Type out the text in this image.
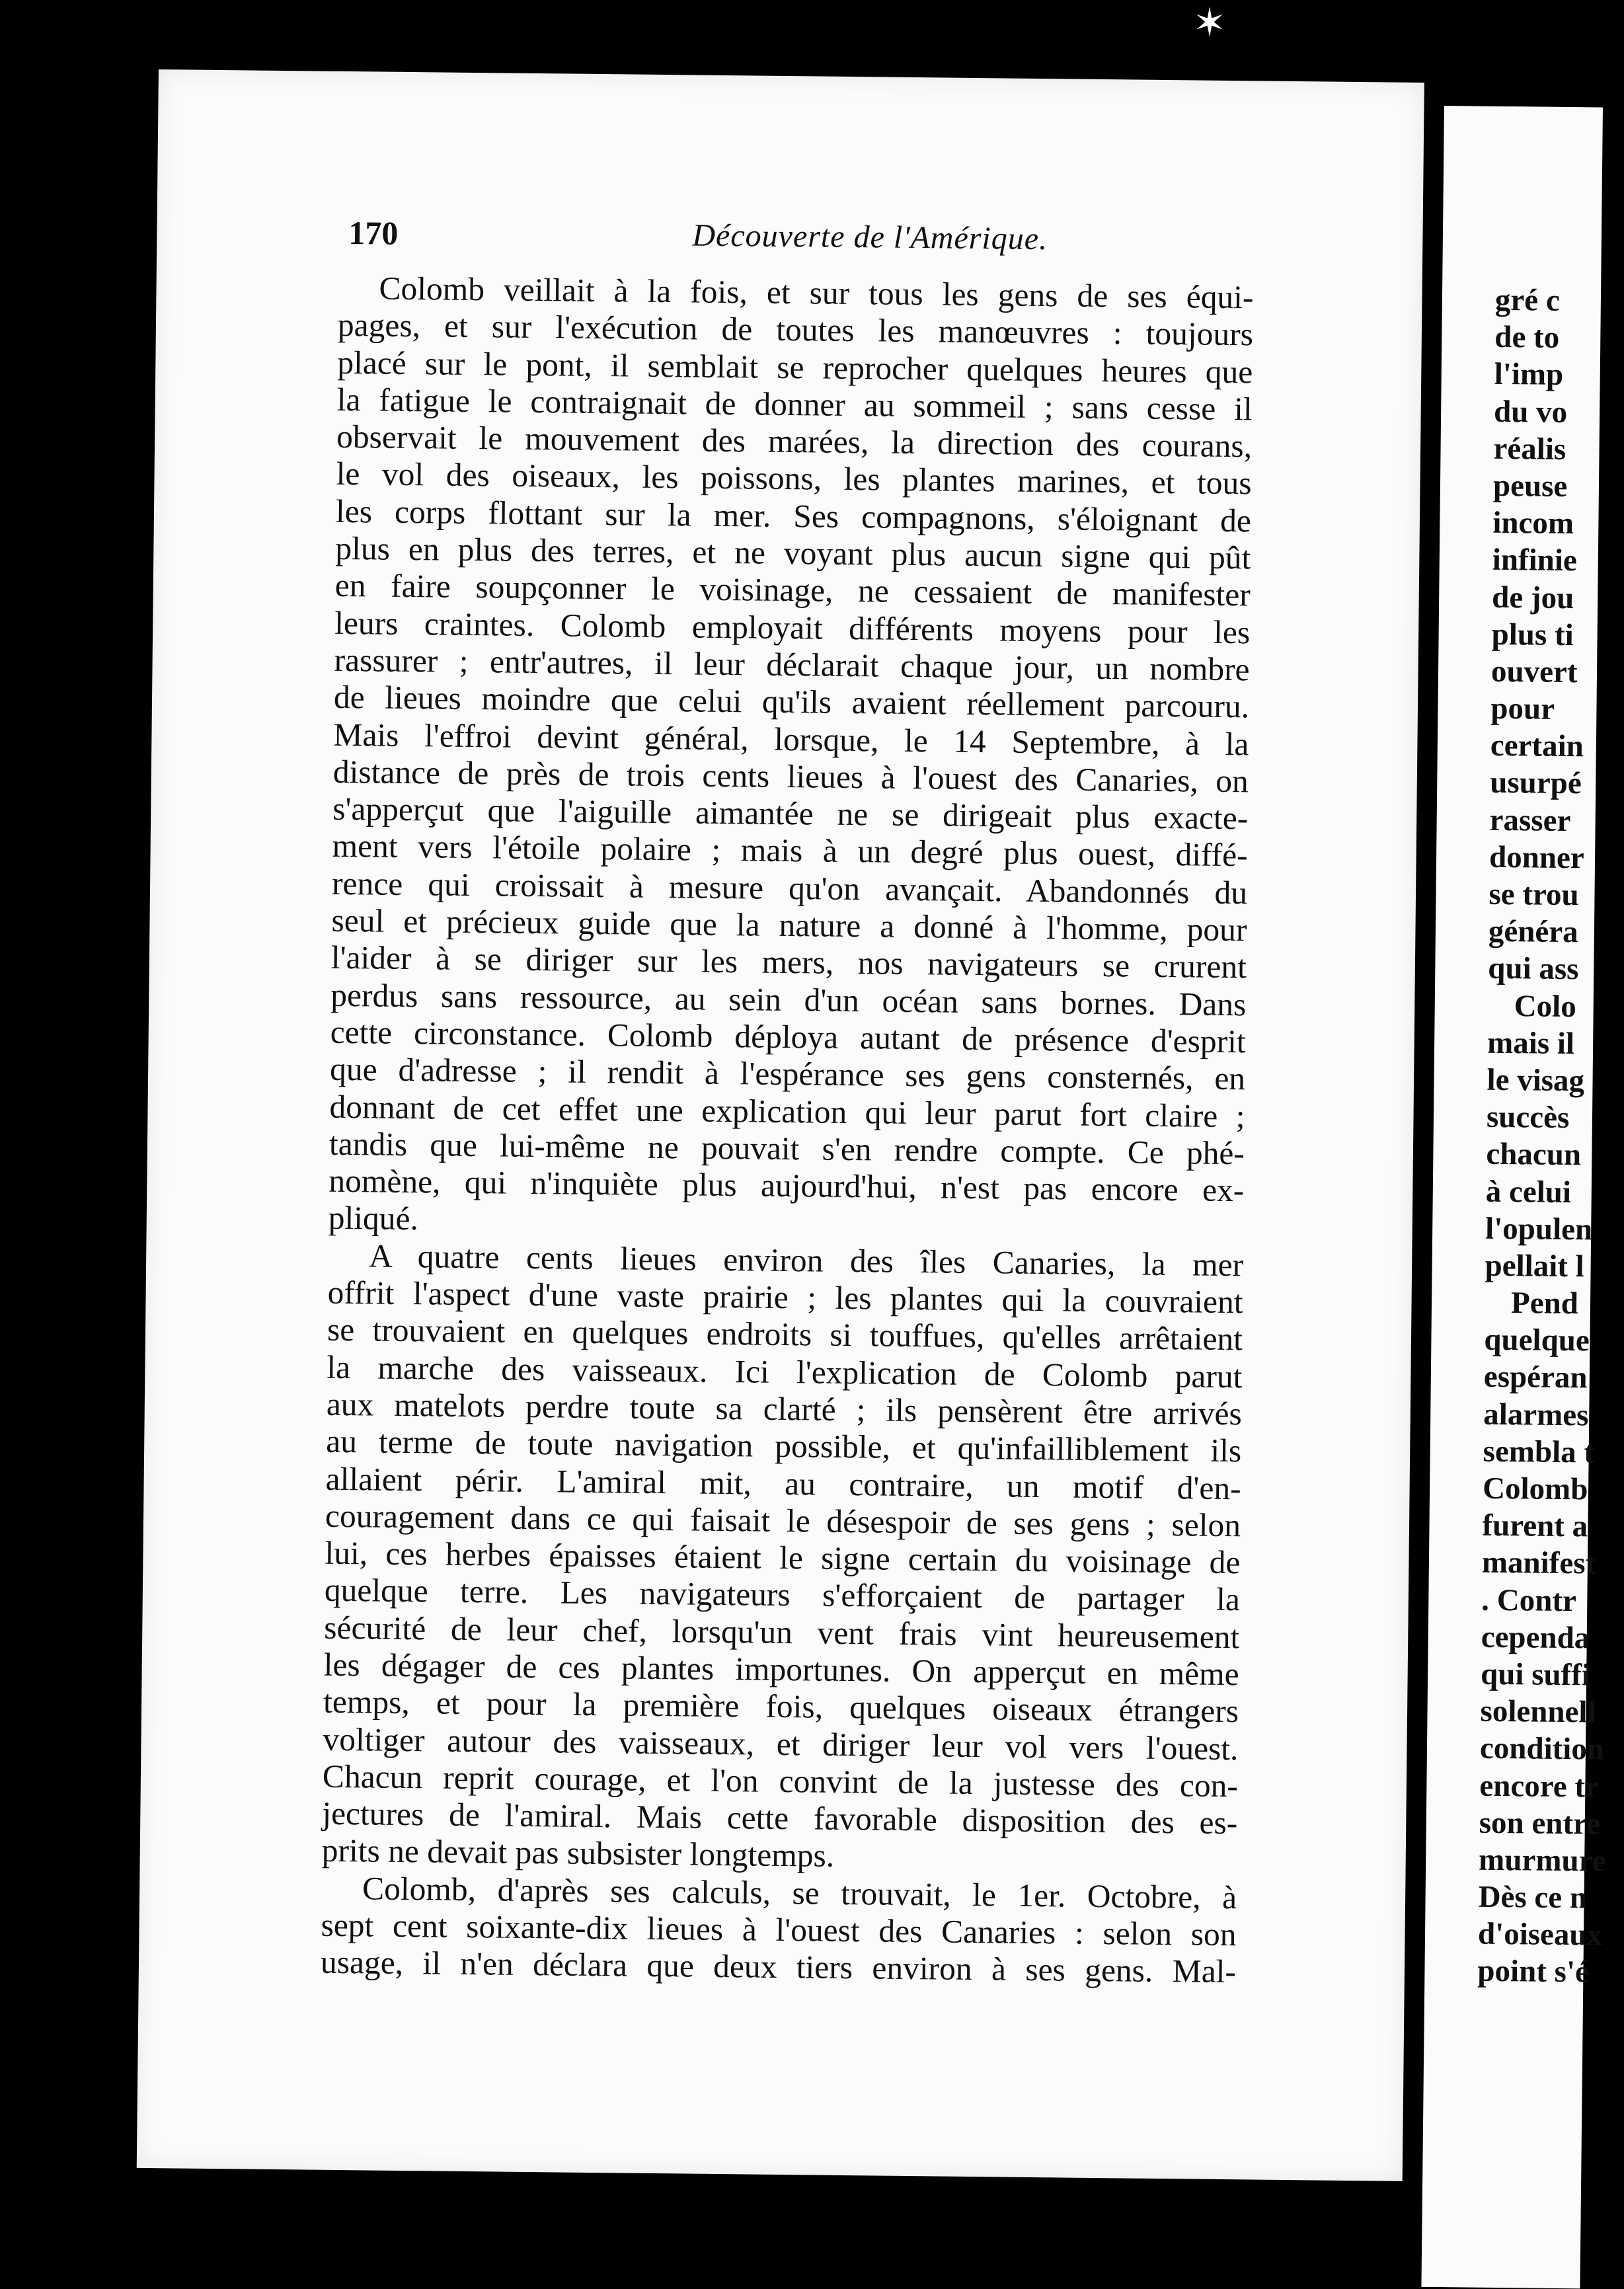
170	Découverte de l'Amérique.
Colomb veillait à la fois, et sur tous les gens de ses équi-
pages, et sur l'exécution de toutes les manœuvres : toujours
placé sur le pont, il semblait se reprocher quelques heures que
la fatigue le contraignait de donner au sommeil ; sans cesse il
observait le mouvement des marées, la direction des courans,
le vol des oiseaux, les poissons, les plantes marines, et tous
les corps flottant sur la mer. Ses compagnons, s'éloignant de
plus en plus des terres, et ne voyant plus aucun signe qui pût
en faire soupçonner le voisinage, ne cessaient de manifester
leurs craintes. Colomb employait différents moyens pour les
rassurer ; entr'autres, il leur déclarait chaque jour, un nombre
de lieues moindre que celui qu'ils avaient réellement parcouru.
Mais l'effroi devint général, lorsque, le 14 Septembre, à la
distance de près de trois cents lieues à l'ouest des Canaries, on
s'apperçut que l'aiguille aimantée ne se dirigeait plus exacte-
ment vers l'étoile polaire ; mais à un degré plus ouest, diffé-
rence qui croissait à mesure qu'on avançait. Abandonnés du
seul et précieux guide que la nature a donné à l'homme, pour
l'aider à se diriger sur les mers, nos navigateurs se crurent
perdus sans ressource, au sein d'un océan sans bornes. Dans
cette circonstance. Colomb déploya autant de présence d'esprit
que d'adresse ; il rendit à l'espérance ses gens consternés, en
donnant de cet effet une explication qui leur parut fort claire ;
tandis que lui-même ne pouvait s'en rendre compte. Ce phé-
nomène, qui n'inquiète plus aujourd'hui, n'est pas encore ex-
pliqué.
A quatre cents lieues environ des îles Canaries, la mer
offrit l'aspect d'une vaste prairie ; les plantes qui la couvraient
se trouvaient en quelques endroits si touffues, qu'elles arrêtaient
la marche des vaisseaux. Ici l'explication de Colomb parut
aux matelots perdre toute sa clarté ; ils pensèrent être arrivés
au terme de toute navigation possible, et qu'infailliblement ils
allaient périr. L'amiral mit, au contraire, un motif d'en-
couragement dans ce qui faisait le désespoir de ses gens ; selon
lui, ces herbes épaisses étaient le signe certain du voisinage de
quelque terre. Les navigateurs s'efforçaient de partager la
sécurité de leur chef, lorsqu'un vent frais vint heureusement
les dégager de ces plantes importunes. On apperçut en même
temps, et pour la première fois, quelques oiseaux étrangers
voltiger autour des vaisseaux, et diriger leur vol vers l'ouest.
Chacun reprit courage, et l'on convint de la justesse des con-
jectures de l'amiral. Mais cette favorable disposition des es-
prits ne devait pas subsister longtemps.
Colomb, d'après ses calculs, se trouvait, le 1er. Octobre, à
sept cent soixante-dix lieues à l'ouest des Canaries : selon son
usage, il n'en déclara que deux tiers environ à ses gens. Mal-
gré c
de to
l'imp
du vo
réalis
peuse
incom
infinie
de jou
plus ti
ouvert
pour
certain
usurpé
rasser
donner
se trou
généra
qui ass
Colo
mais il
le visag
succès
chacun
à celui
l'opulen
pellait l
Pend
quelque
espéran
alarmes
sembla t
Colomb
furent a
manifest
. Contr
cependa
qui suffi
solennell
condition
encore tr
son entre
murmure
Dès ce n
d'oiseaux
point s'é
✶
